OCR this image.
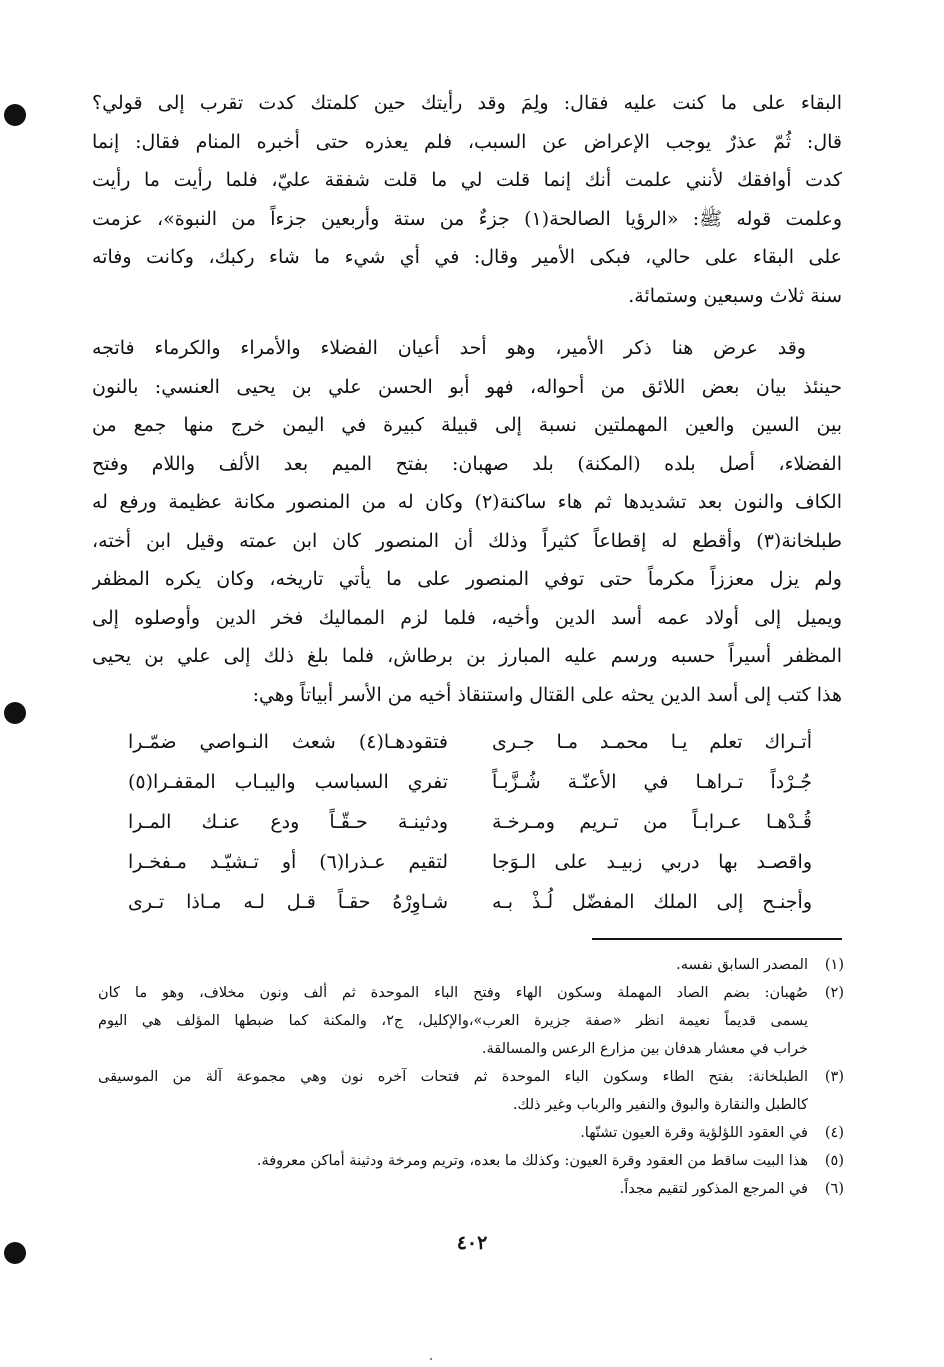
البقاء على ما كنت عليه فقال: ولِمَ وقد رأيتك حين كلمتك كدت تقرب إلى قولي؟
قال: ثُمّ عذرٌ يوجب الإعراض عن السبب، فلم يعذره حتى أخبره المنام فقال: إنما
كدت أوافقك لأنني علمت أنك إنما قلت لي ما قلت شفقة عليّ، فلما رأيت ما رأيت
وعلمت قوله ﷺ: «الرؤيا الصالحة(١) جزءٌ من ستة وأربعين جزءاً من النبوة»، عزمت
على البقاء على حالي، فبكى الأمير وقال: في أي شيء ما شاء ركبك، وكانت وفاته
سنة ثلاث وسبعين وستمائة.
وقد عرض هنا ذكر الأمير، وهو أحد أعيان الفضلاء والأمراء والكرماء فاتجه
حينئذ بيان بعض اللائق من أحواله، فهو أبو الحسن علي بن يحيى العنسي: بالنون
بين السين والعين المهملتين نسبة إلى قبيلة كبيرة في اليمن خرج منها جمع من
الفضلاء، أصل بلده (المكنة) بلد صهبان: بفتح الميم بعد الألف واللام وفتح
الكاف والنون بعد تشديدها ثم هاء ساكنة(٢) وكان له من المنصور مكانة عظيمة ورفع له
طبلخانة(٣) وأقطع له إقطاعاً كثيراً وذلك أن المنصور كان ابن عمته وقيل ابن أخته،
ولم يزل معززاً مكرماً حتى توفي المنصور على ما يأتي تاريخه، وكان يكره المظفر
ويميل إلى أولاد عمه أسد الدين وأخيه، فلما لزم المماليك فخر الدين وأوصلوه إلى
المظفر أسيراً حسبه ورسم عليه المبارز بن برطاش، فلما بلغ ذلك إلى علي بن يحيى
هذا كتب إلى أسد الدين يحثه على القتال واستنقاذ أخيه من الأسر أبياتاً وهي:
أتـراك تعلم يـا محمـد مـا جـرى
فتقودهـا(٤) شعث النـواصي ضمّـرا
جُـرْداً تـراهـا في الأعنّـة شُـزَّبـاً
تفري السباسب واليبـاب المقفـرا(٥)
قُـدْهـا عـرابـاً من تـريم ومـرخـة
ودثينـة حـقّـاً ودع عنـك المـرا
واقصـد بها دربي زبيـد على الـوَجا
لتقيم عـذرا(٦) أو تـشيّـد مـفخـرا
وأجنـح إلى الملك المفضّل لُـذْ بـه
شـاوِرْهُ حقـاً قـل لـه مـاذا تـرى
(١)
المصدر السابق نفسه.
(٢)
صُهبان: بضم الصاد المهملة وسكون الهاء وفتح الباء الموحدة ثم ألف ونون مخلاف، وهو ما كان
يسمى قديماً نعيمة انظر «صفة جزيرة العرب»،والإكليل، ج٢، والمكنة كما ضبطها المؤلف هي اليوم
خراب في معشار هدفان بين مزارع الرعس والمسالقة.
(٣)
الطبلخانة: بفتح الطاء وسكون الباء الموحدة ثم فتحات آخره نون وهي مجموعة آلة من الموسيقى
كالطبل والنقارة والبوق والنفير والرباب وغير ذلك.
(٤)
في العقود اللؤلؤية وقرة العيون تشنّها.
(٥)
هذا البيت ساقط من العقود وقرة العيون: وكذلك ما بعده، وتريم ومرخة ودثينة أماكن معروفة.
(٦)
في المرجع المذكور لتقيم مجداً.
٤٠٢
